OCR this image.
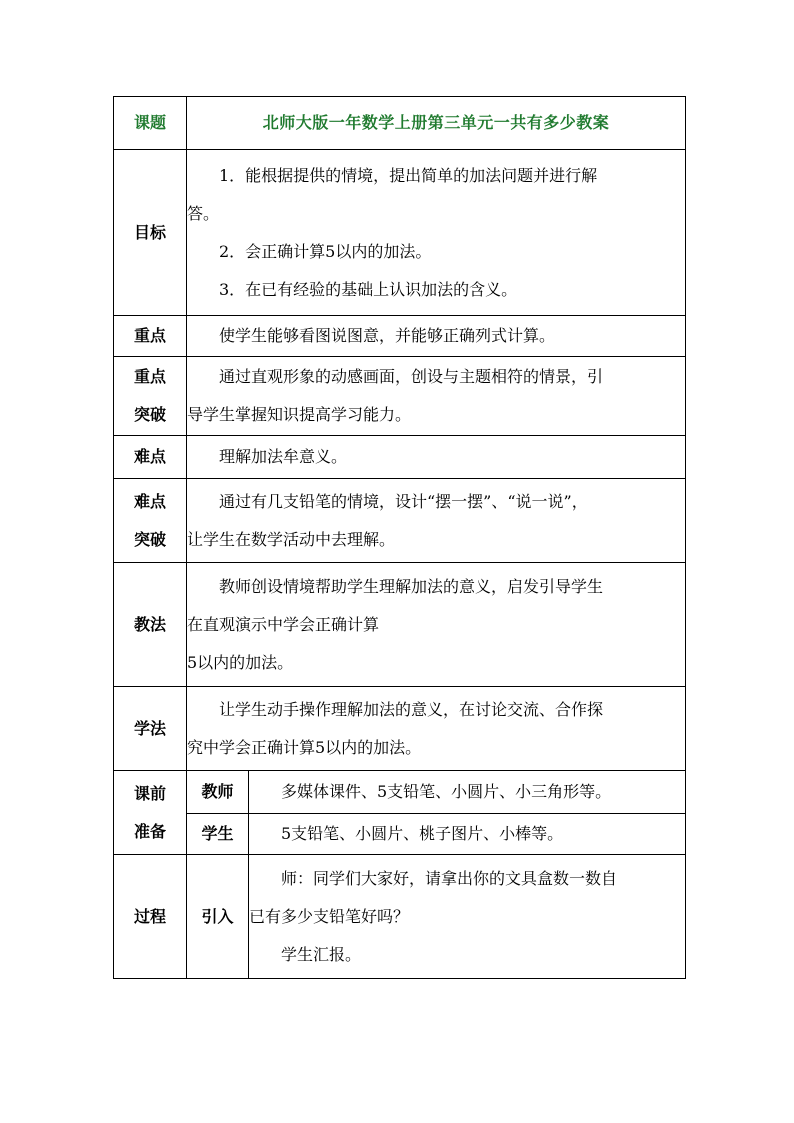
课题	北师大版一年数学上册第三单元一共有多少教案	
目标	1．能根据提供的情境，提出简单的加法问题并进行解
答。
2．会正确计算5以内的加法。
3．在已有经验的基础上认识加法的含义。	

重点	使学生能够看图说图意，并能够正确列式计算。	

重点
突破	通过直观形象的动感画面，创设与主题相符的情景，引
导学生掌握知识提高学习能力。	

难点	理解加法牟意义。	

难点
突破	通过有几支铅笔的情境，设计“摆一摆”、“说一说”，
让学生在数学活动中去理解。	

教法	教师创设情境帮助学生理解加法的意义，启发引导学生
在直观演示中学会正确计算
5以内的加法。	

学法	让学生动手操作理解加法的意义，在讨论交流、合作探
究中学会正确计算5以内的加法。	

课前
准备	教师	多媒体课件、5支铅笔、小圆片、小三角形等。

	学生	5支铅笔、小圆片、桃子图片、小棒等。

过程	引入	师：同学们大家好，请拿出你的文具盒数一数自
已有多少支铅笔好吗？
学生汇报。
